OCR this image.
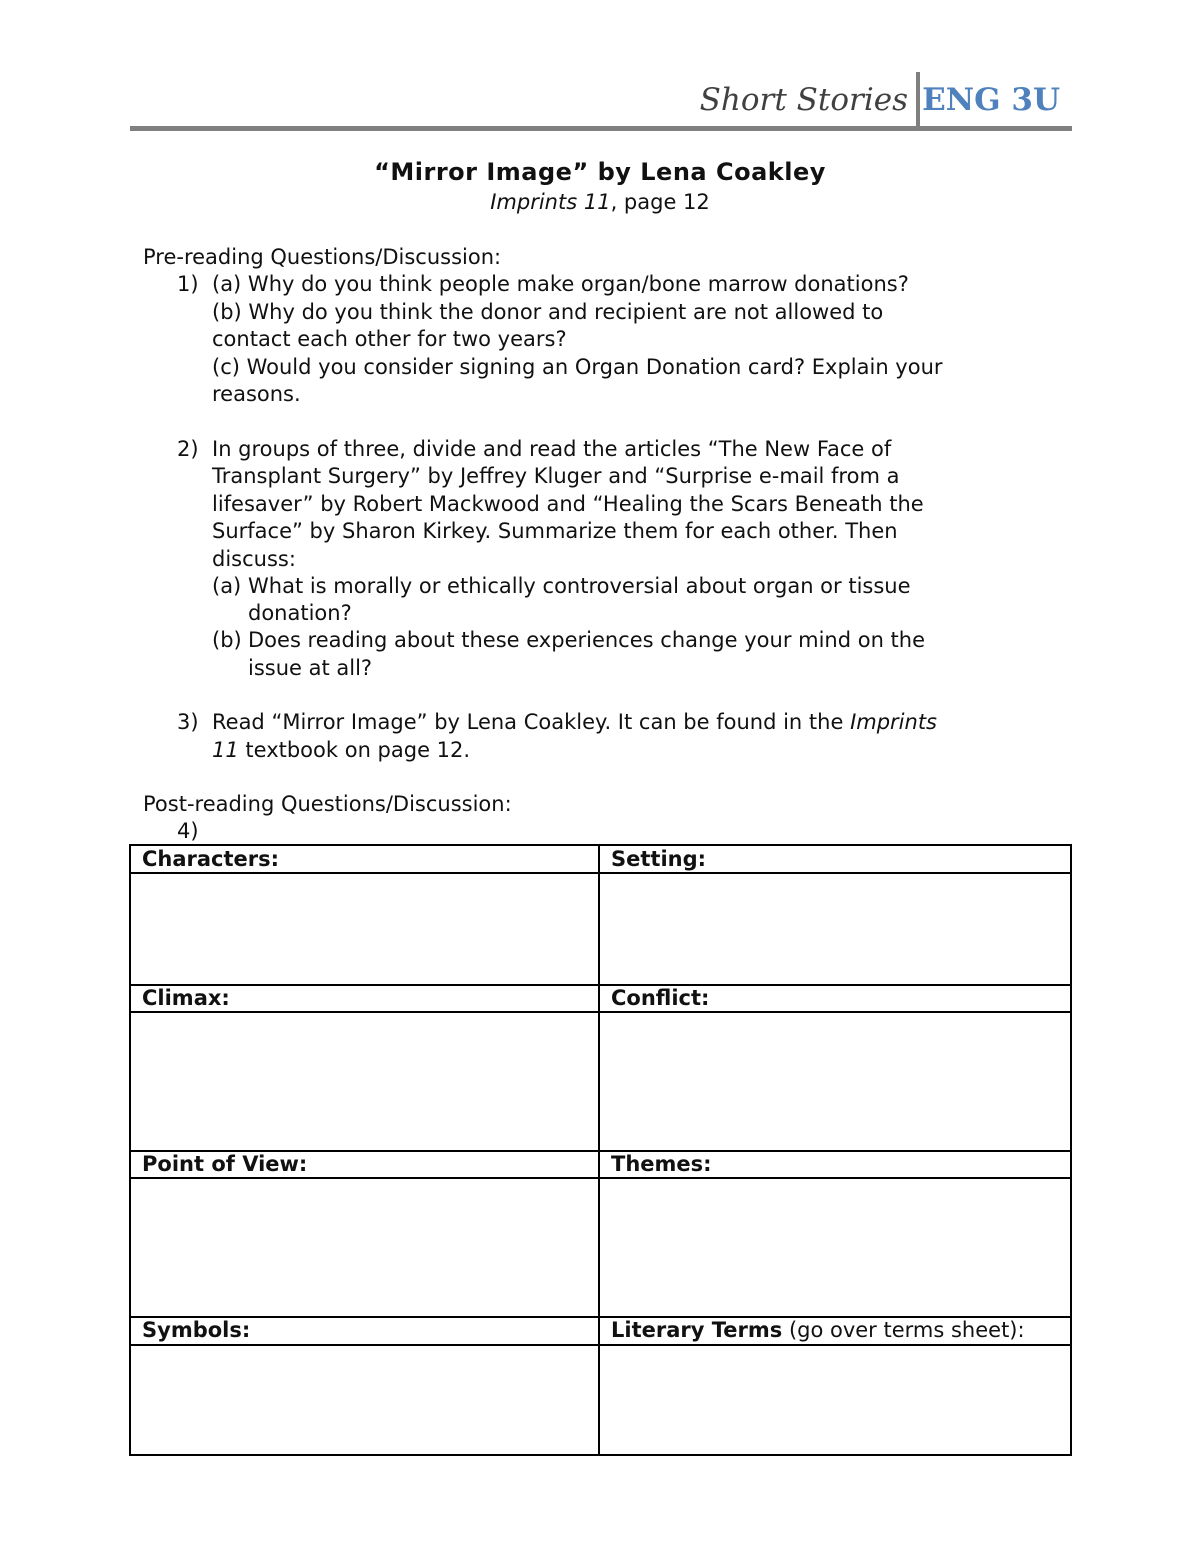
Short Stories ENG 3U
“Mirror Image” by Lena Coakley
Imprints 11, page 12
Pre-reading Questions/Discussion:
1) (a) Why do you think people make organ/bone marrow donations?
(b) Why do you think the donor and recipient are not allowed to
contact each other for two years?
(c) Would you consider signing an Organ Donation card? Explain your
reasons.
2) In groups of three, divide and read the articles “The New Face of
Transplant Surgery” by Jeffrey Kluger and “Surprise e-mail from a
lifesaver” by Robert Mackwood and “Healing the Scars Beneath the
Surface” by Sharon Kirkey. Summarize them for each other. Then
discuss:
(a) What is morally or ethically controversial about organ or tissue
donation?
(b) Does reading about these experiences change your mind on the
issue at all?
3) Read “Mirror Image” by Lena Coakley. It can be found in the Imprints
11 textbook on page 12.
Post-reading Questions/Discussion:
4)
Characters:	Setting:
Climax:	Conflict:
Point of View:	Themes:
Symbols:	Literary Terms (go over terms sheet):
